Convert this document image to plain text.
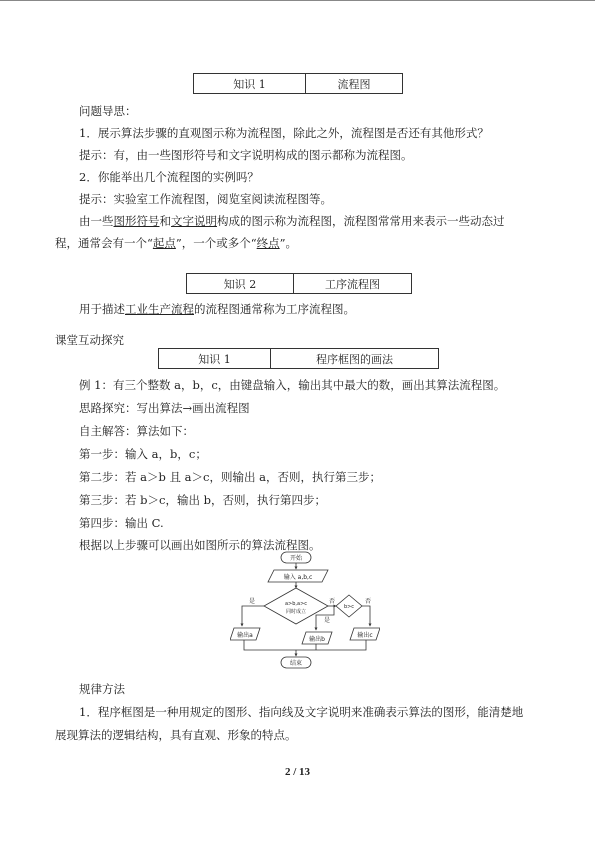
知识 1	流程图
问题导思：
1．展示算法步骤的直观图示称为流程图，除此之外，流程图是否还有其他形式？
提示：有，由一些图形符号和文字说明构成的图示都称为流程图。
2．你能举出几个流程图的实例吗？
提示：实验室工作流程图，阅览室阅读流程图等。
由一些图形符号和文字说明构成的图示称为流程图，流程图常常用来表示一些动态过
程，通常会有一个“起点”，一个或多个“终点”。
知识 2	工序流程图
用于描述工业生产流程的流程图通常称为工序流程图。
课堂互动探究
知识 1	程序框图的画法
例 1：有三个整数 a，b，c，由键盘输入，输出其中最大的数，画出其算法流程图。
思路探究：写出算法→画出流程图
自主解答：算法如下：
第一步：输入 a，b，c；
第二步：若 a＞b 且 a＞c，则输出 a，否则，执行第三步；
第三步：若 b＞c，输出 b，否则，执行第四步；
第四步：输出 C.
根据以上步骤可以画出如图所示的算法流程图。
开始
输入 a,b,c
a>b,a>c
同时成立
b>c
是	否
是
否
输出a
输出b
输出c
结束
规律方法
1．程序框图是一种用规定的图形、指向线及文字说明来准确表示算法的图形，能清楚地
展现算法的逻辑结构，具有直观、形象的特点。
2 / 13
